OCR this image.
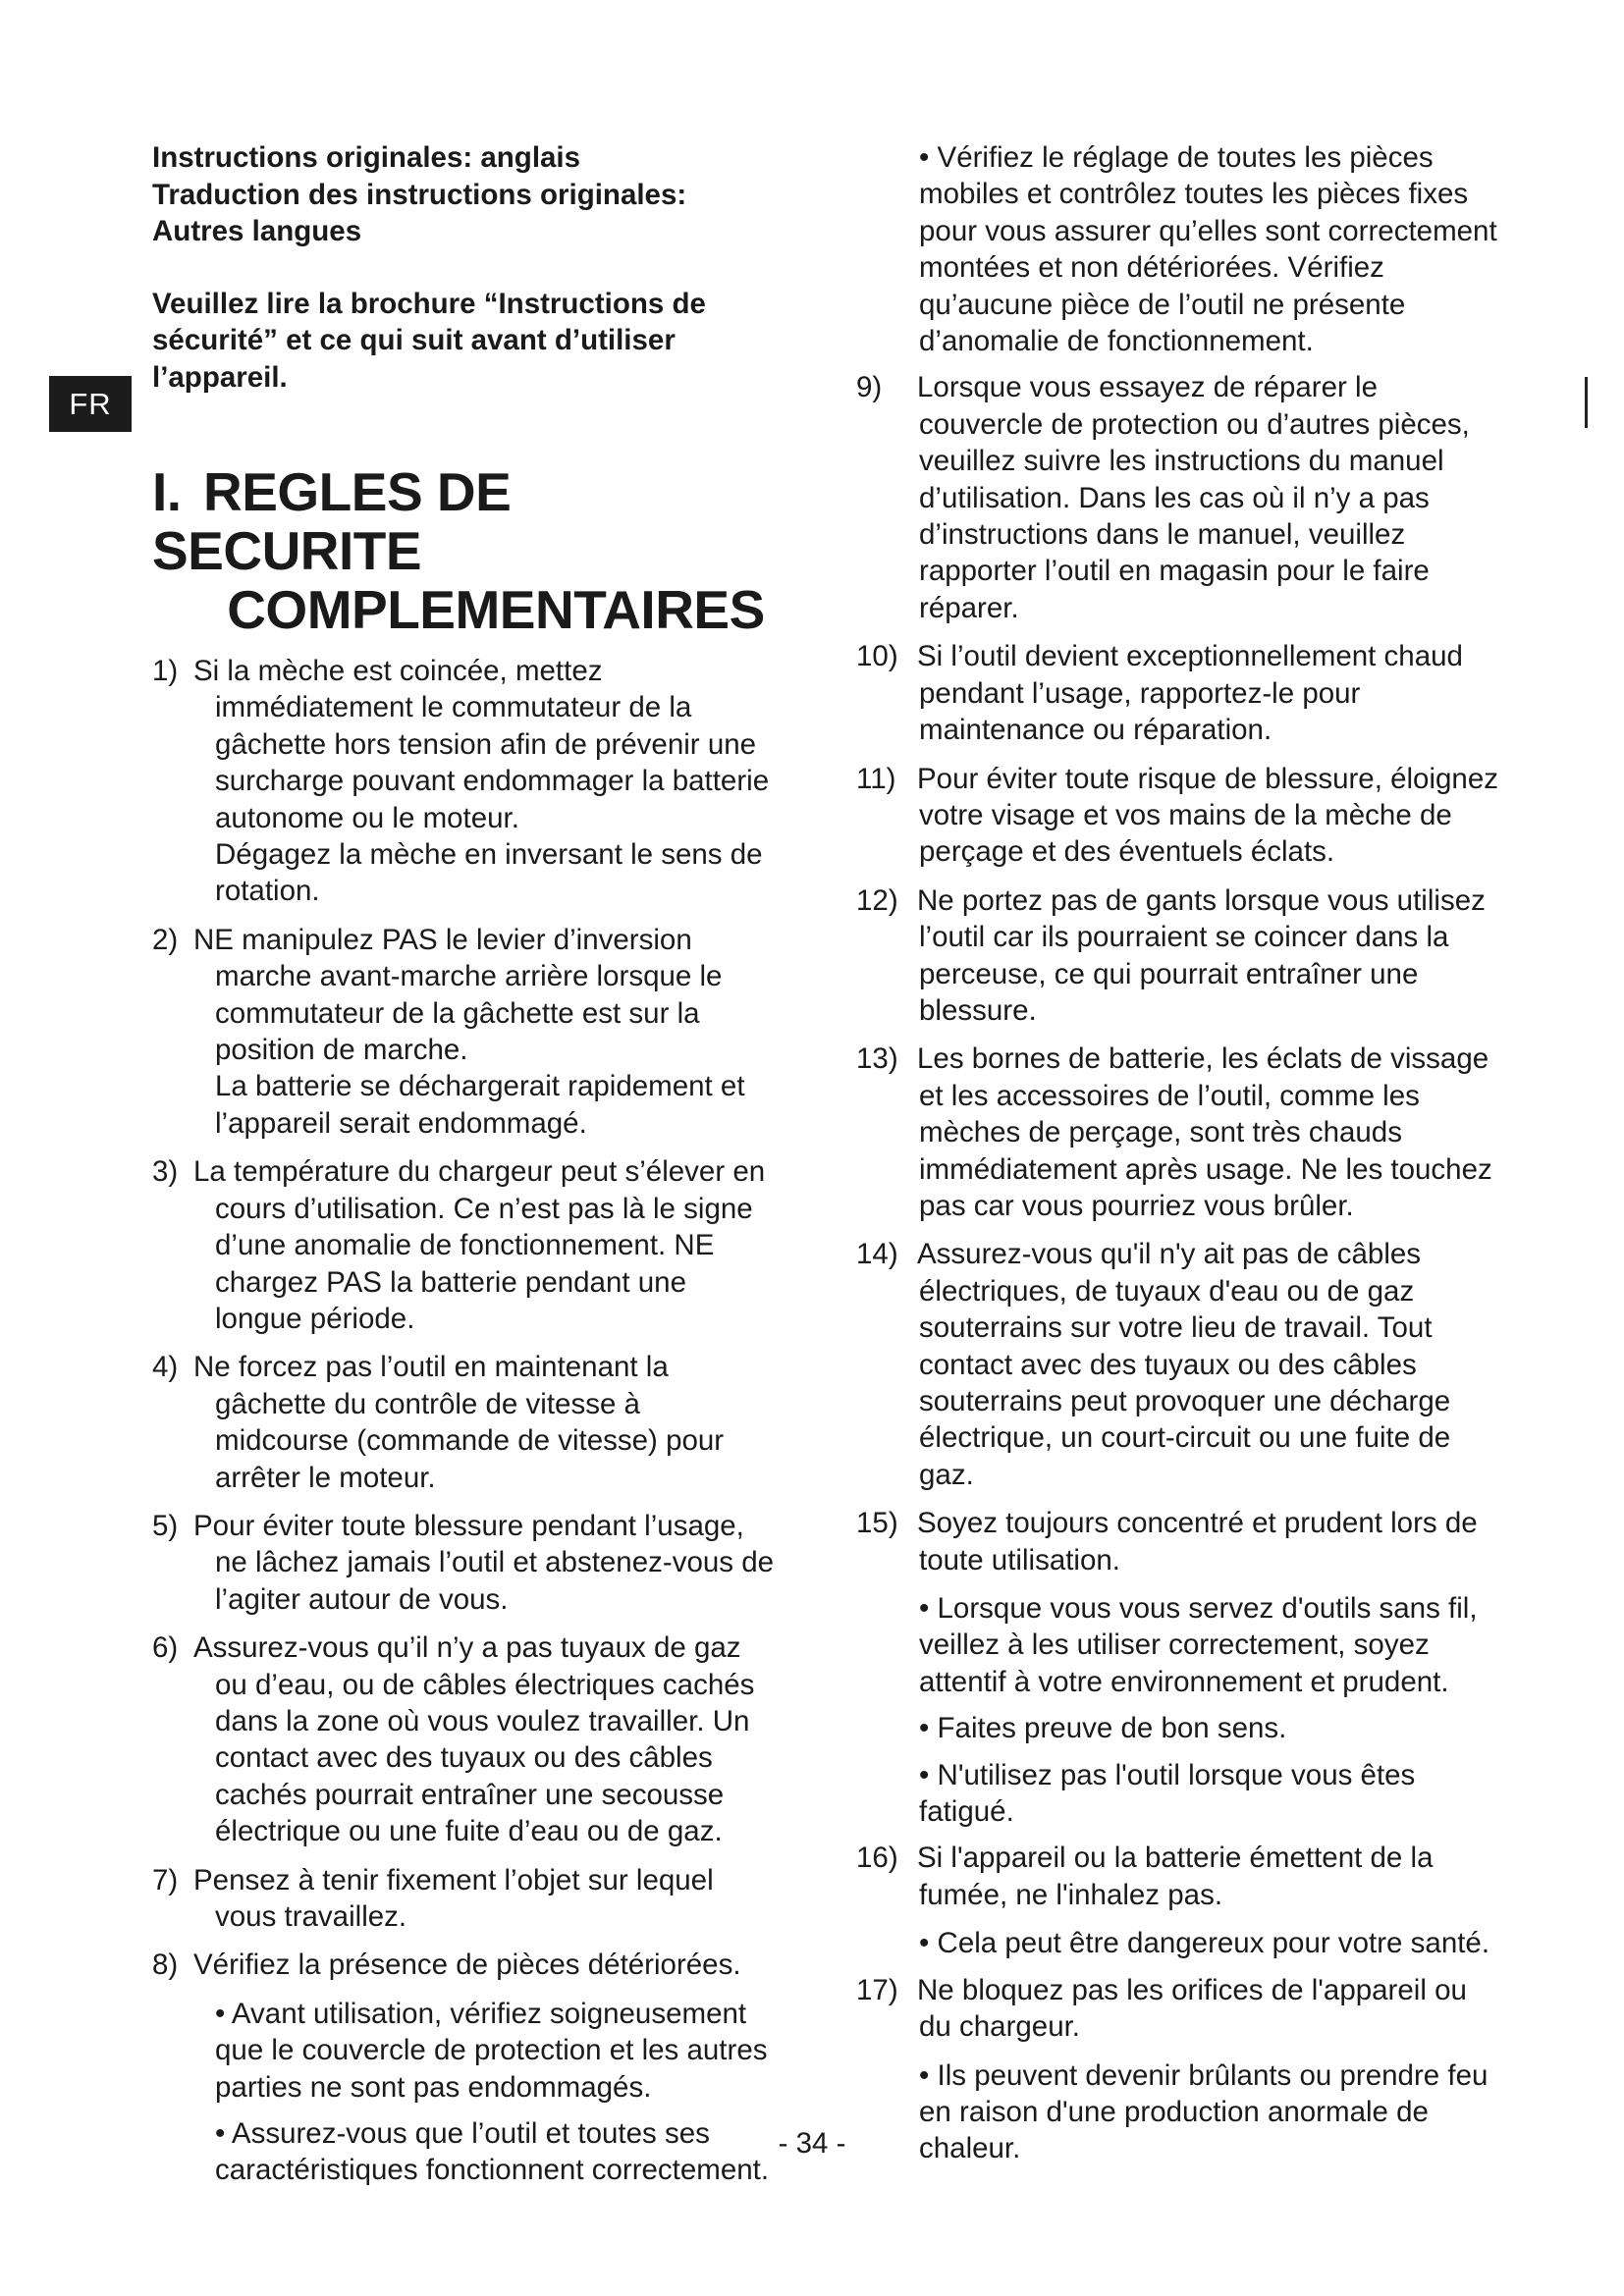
FR

Instructions originales: anglais
Traduction des instructions originales:
Autres langues

Veuillez lire la brochure “Instructions de sécurité” et ce qui suit avant d’utiliser l’appareil.

I. REGLES DE SECURITE
COMPLEMENTAIRES
1) Si la mèche est coincée, mettez immédiatement le commutateur de la gâchette hors tension afin de prévenir une surcharge pouvant endommager la batterie autonome ou le moteur.
Dégagez la mèche en inversant le sens de rotation.
2) NE manipulez PAS le levier d’inversion marche avant-marche arrière lorsque le commutateur de la gâchette est sur la position de marche.
La batterie se déchargerait rapidement et l’appareil serait endommagé.
3) La température du chargeur peut s’élever en cours d’utilisation. Ce n’est pas là le signe d’une anomalie de fonctionnement. NE chargez PAS la batterie pendant une longue période.
4) Ne forcez pas l’outil en maintenant la gâchette du contrôle de vitesse à midcourse (commande de vitesse) pour arrêter le moteur.
5) Pour éviter toute blessure pendant l’usage, ne lâchez jamais l’outil et abstenez-vous de l’agiter autour de vous.
6) Assurez-vous qu’il n’y a pas tuyaux de gaz ou d’eau, ou de câbles électriques cachés dans la zone où vous voulez travailler. Un contact avec des tuyaux ou des câbles cachés pourrait entraîner une secousse électrique ou une fuite d’eau ou de gaz.
7) Pensez à tenir fixement l’objet sur lequel vous travaillez.
8) Vérifiez la présence de pièces détériorées.

• Avant utilisation, vérifiez soigneusement que le couvercle de protection et les autres parties ne sont pas endommagés.

• Assurez-vous que l’outil et toutes ses caractéristiques fonctionnent correctement.

• Vérifiez le réglage de toutes les pièces mobiles et contrôlez toutes les pièces fixes pour vous assurer qu’elles sont correctement montées et non détériorées. Vérifiez qu’aucune pièce de l’outil ne présente d’anomalie de fonctionnement.

9) Lorsque vous essayez de réparer le couvercle de protection ou d’autres pièces, veuillez suivre les instructions du manuel d’utilisation. Dans les cas où il n’y a pas d’instructions dans le manuel, veuillez rapporter l’outil en magasin pour le faire réparer.
10) Si l’outil devient exceptionnellement chaud pendant l’usage, rapportez-le pour maintenance ou réparation.
11) Pour éviter toute risque de blessure, éloignez votre visage et vos mains de la mèche de perçage et des éventuels éclats.
12) Ne portez pas de gants lorsque vous utilisez l’outil car ils pourraient se coincer dans la perceuse, ce qui pourrait entraîner une blessure.
13) Les bornes de batterie, les éclats de vissage et les accessoires de l’outil, comme les mèches de perçage, sont très chauds immédiatement après usage. Ne les touchez pas car vous pourriez vous brûler.
14) Assurez-vous qu'il n'y ait pas de câbles électriques, de tuyaux d'eau ou de gaz souterrains sur votre lieu de travail. Tout contact avec des tuyaux ou des câbles souterrains peut provoquer une décharge électrique, un court-circuit ou une fuite de gaz.
15) Soyez toujours concentré et prudent lors de toute utilisation.

• Lorsque vous vous servez d'outils sans fil, veillez à les utiliser correctement, soyez attentif à votre environnement et prudent.

• Faites preuve de bon sens.

• N'utilisez pas l'outil lorsque vous êtes fatigué.

16) Si l'appareil ou la batterie émettent de la fumée, ne l'inhalez pas.

• Cela peut être dangereux pour votre santé.

17) Ne bloquez pas les orifices de l'appareil ou du chargeur.

• Ils peuvent devenir brûlants ou prendre feu en raison d'une production anormale de chaleur.

- 34 -
